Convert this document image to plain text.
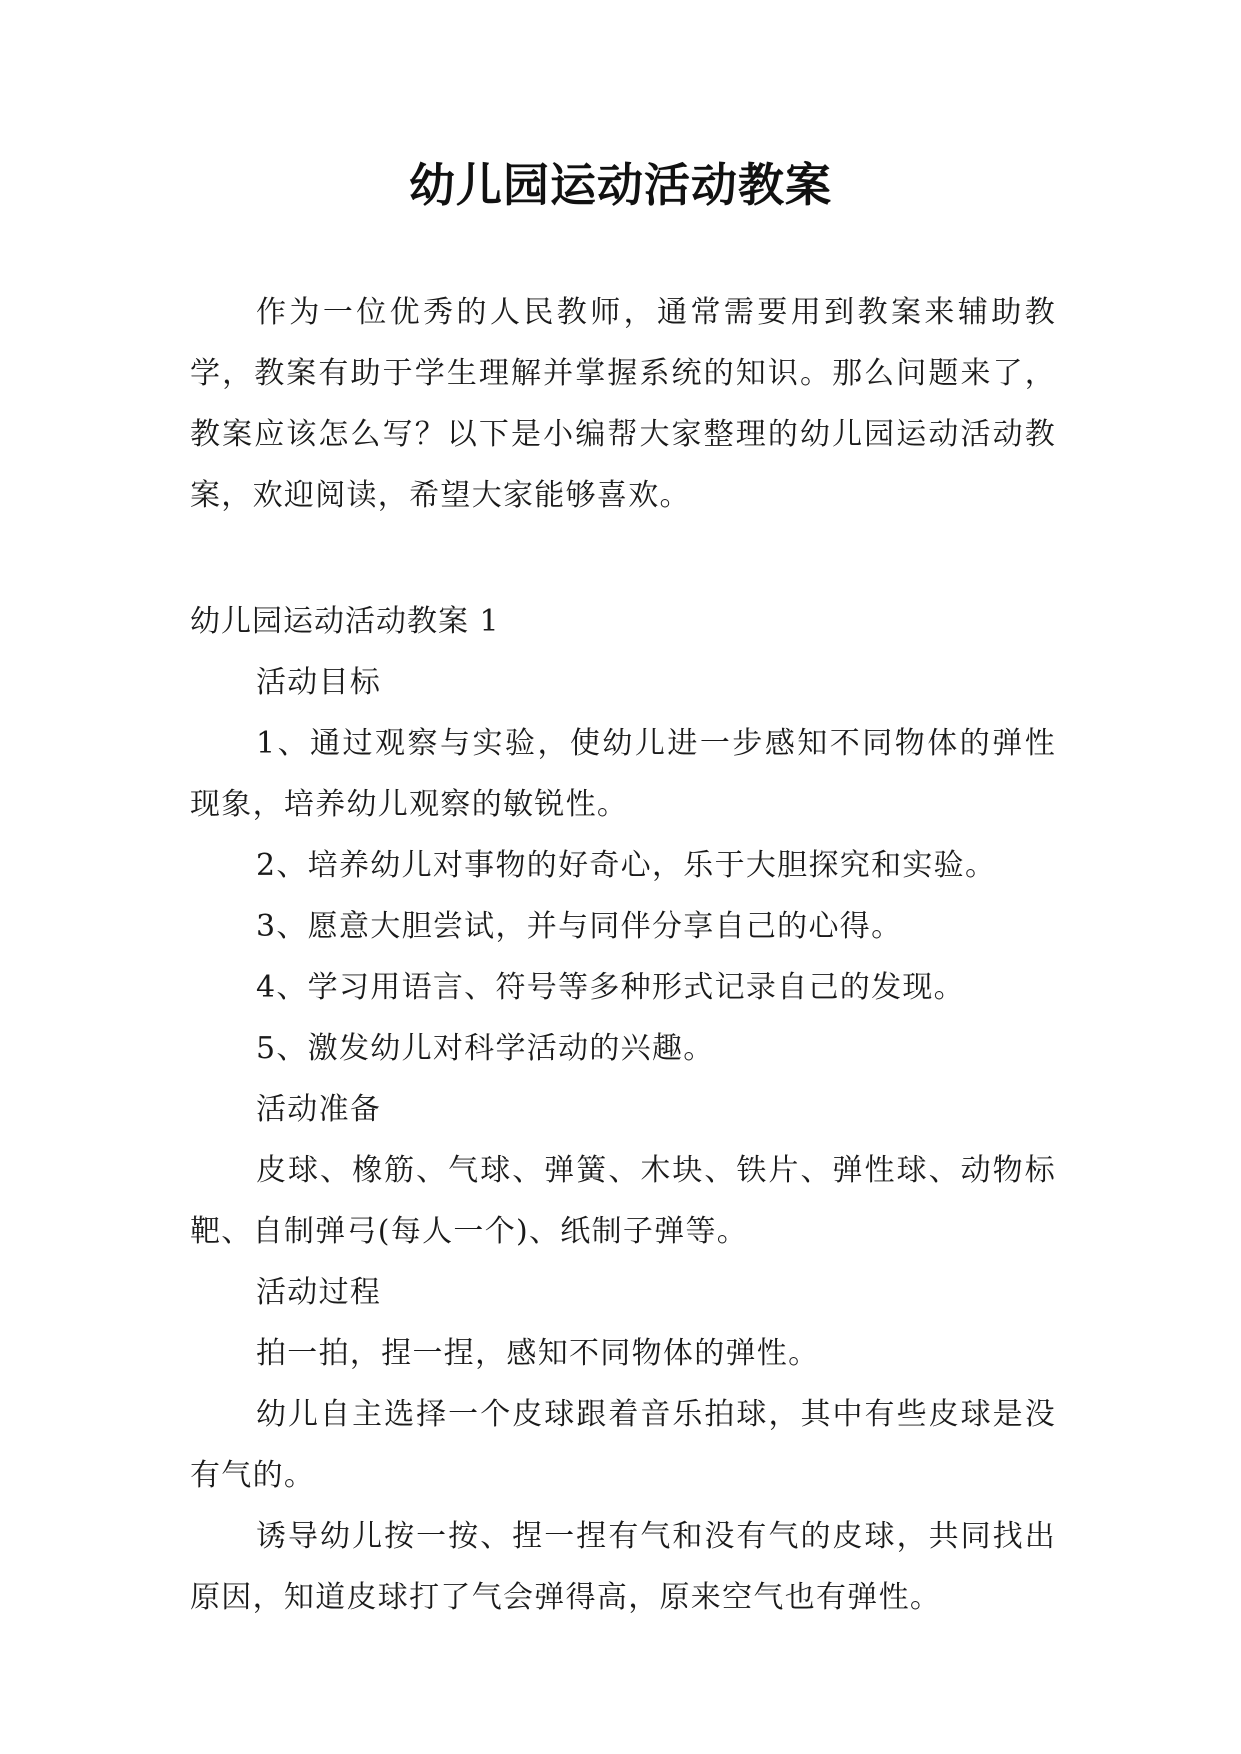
幼儿园运动活动教案

作为一位优秀的人民教师，通常需要用到教案来辅助教学，教案有助于学生理解并掌握系统的知识。那么问题来了，教案应该怎么写？以下是小编帮大家整理的幼儿园运动活动教案，欢迎阅读，希望大家能够喜欢。

幼儿园运动活动教案 1

活动目标

1、通过观察与实验，使幼儿进一步感知不同物体的弹性现象，培养幼儿观察的敏锐性。

2、培养幼儿对事物的好奇心，乐于大胆探究和实验。

3、愿意大胆尝试，并与同伴分享自己的心得。

4、学习用语言、符号等多种形式记录自己的发现。

5、激发幼儿对科学活动的兴趣。

活动准备

皮球、橡筋、气球、弹簧、木块、铁片、弹性球、动物标靶、自制弹弓(每人一个)、纸制子弹等。

活动过程

拍一拍，捏一捏，感知不同物体的弹性。

幼儿自主选择一个皮球跟着音乐拍球，其中有些皮球是没有气的。

诱导幼儿按一按、捏一捏有气和没有气的皮球，共同找出原因，知道皮球打了气会弹得高，原来空气也有弹性。
